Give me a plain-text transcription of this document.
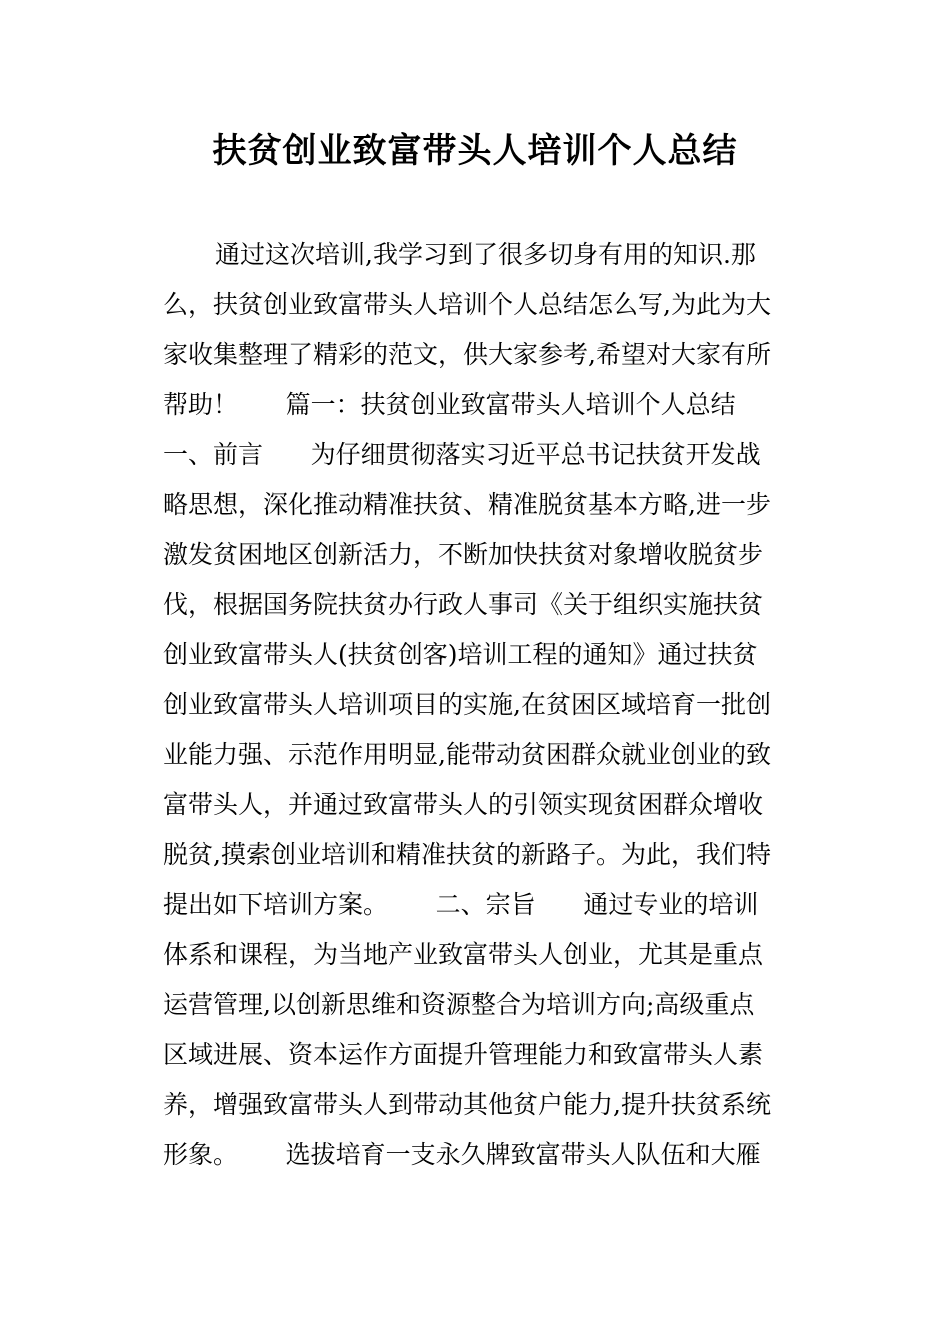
扶贫创业致富带头人培训个人总结
通过这次培训,我学习到了很多切身有用的知识.那
么，扶贫创业致富带头人培训个人总结怎么写,为此为大
家收集整理了精彩的范文，供大家参考,希望对大家有所
帮助！      篇一：扶贫创业致富带头人培训个人总结
一、前言      为仔细贯彻落实习近平总书记扶贫开发战
略思想，深化推动精准扶贫、精准脱贫基本方略,进一步
激发贫困地区创新活力，不断加快扶贫对象增收脱贫步
伐，根据国务院扶贫办行政人事司《关于组织实施扶贫
创业致富带头人(扶贫创客)培训工程的通知》通过扶贫
创业致富带头人培训项目的实施,在贫困区域培育一批创
业能力强、示范作用明显,能带动贫困群众就业创业的致
富带头人，并通过致富带头人的引领实现贫困群众增收
脱贫,摸索创业培训和精准扶贫的新路子。为此，我们特
提出如下培训方案。      二、宗旨      通过专业的培训
体系和课程，为当地产业致富带头人创业，尤其是重点
运营管理,以创新思维和资源整合为培训方向;高级重点
区域进展、资本运作方面提升管理能力和致富带头人素
养，增强致富带头人到带动其他贫户能力,提升扶贫系统
形象。      选拔培育一支永久牌致富带头人队伍和大雁
